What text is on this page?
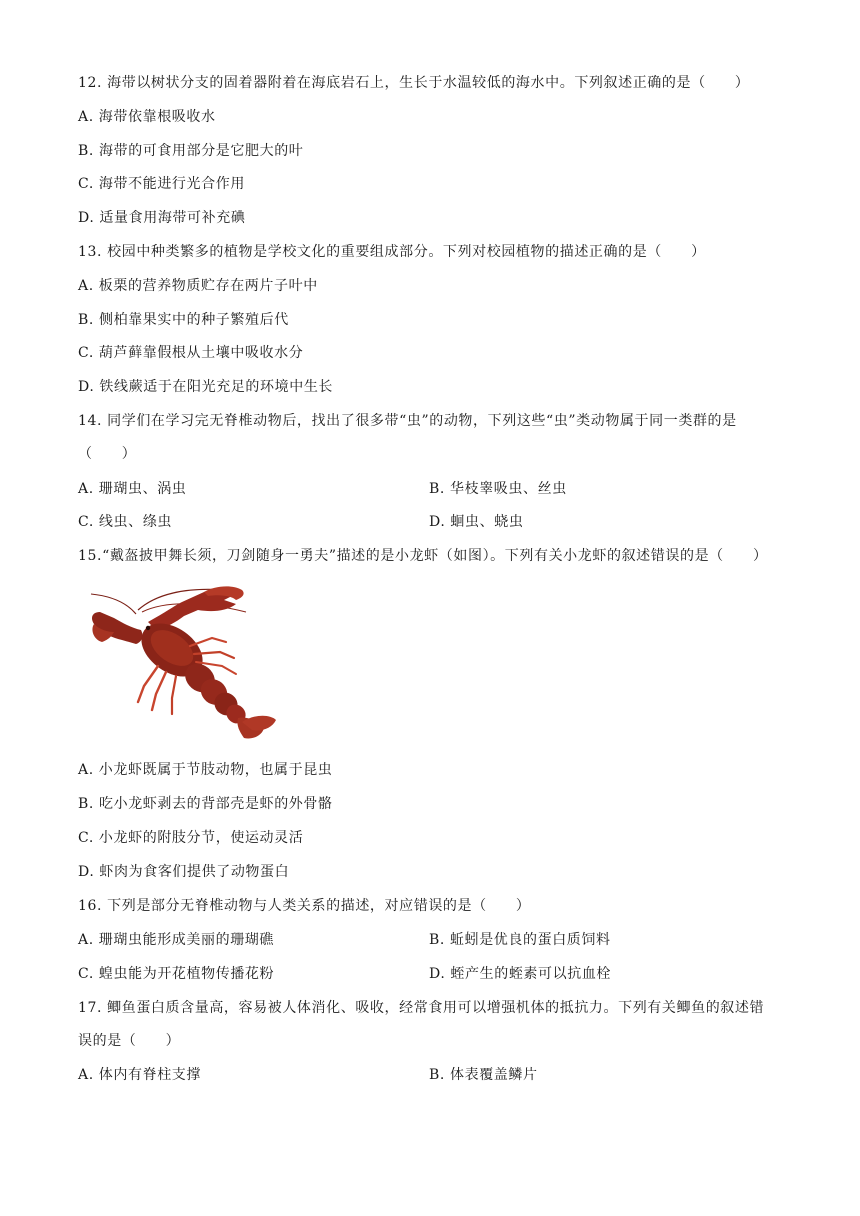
12. 海带以树状分支的固着器附着在海底岩石上，生长于水温较低的海水中。下列叙述正确的是（　　）
A. 海带依靠根吸收水
B. 海带的可食用部分是它肥大的叶
C. 海带不能进行光合作用
D. 适量食用海带可补充碘
13. 校园中种类繁多的植物是学校文化的重要组成部分。下列对校园植物的描述正确的是（　　）
A. 板栗的营养物质贮存在两片子叶中
B. 侧柏靠果实中的种子繁殖后代
C. 葫芦藓靠假根从土壤中吸收水分
D. 铁线蕨适于在阳光充足的环境中生长
14. 同学们在学习完无脊椎动物后，找出了很多带“虫”的动物，下列这些“虫”类动物属于同一类群的是
（　　）
A. 珊瑚虫、涡虫	B. 华枝睾吸虫、丝虫
C. 线虫、绦虫	D. 蛔虫、蛲虫
15.“戴盔披甲舞长须，刀剑随身一勇夫”描述的是小龙虾（如图）。下列有关小龙虾的叙述错误的是（　　）
A. 小龙虾既属于节肢动物，也属于昆虫
B. 吃小龙虾剥去的背部壳是虾的外骨骼
C. 小龙虾的附肢分节，使运动灵活
D. 虾肉为食客们提供了动物蛋白
16. 下列是部分无脊椎动物与人类关系的描述，对应错误的是（　　）
A. 珊瑚虫能形成美丽的珊瑚礁	B. 蚯蚓是优良的蛋白质饲料
C. 蝗虫能为开花植物传播花粉	D. 蛭产生的蛭素可以抗血栓
17. 鲫鱼蛋白质含量高，容易被人体消化、吸收，经常食用可以增强机体的抵抗力。下列有关鲫鱼的叙述错
误的是（　　）
A. 体内有脊柱支撑	B. 体表覆盖鳞片
